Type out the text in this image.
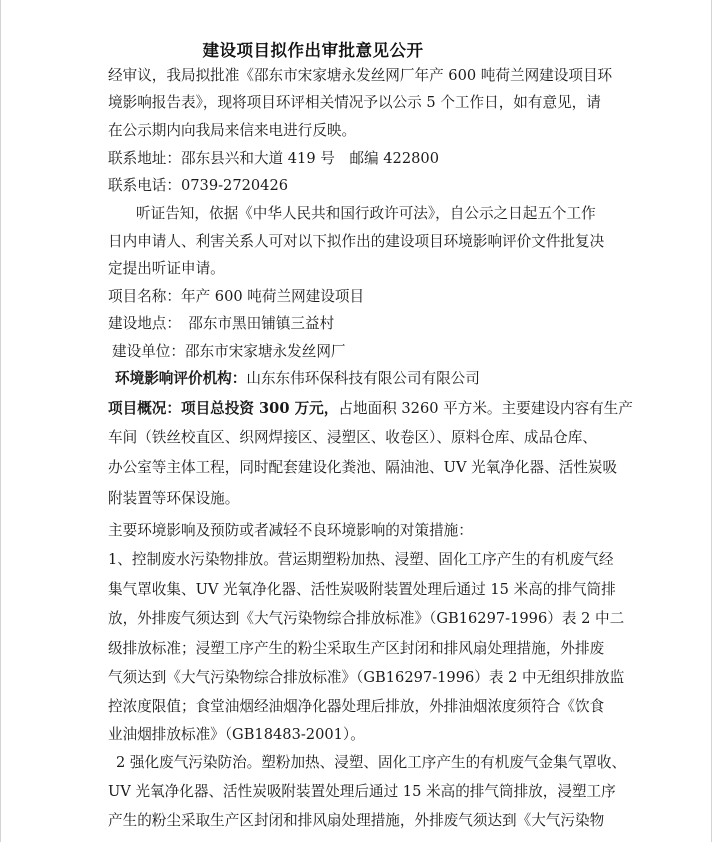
建设项目拟作出审批意见公开
经审议，我局拟批准《邵东市宋家塘永发丝网厂年产 600 吨荷兰网建设项目环
境影响报告表》，现将项目环评相关情况予以公示 5 个工作日，如有意见，请
在公示期内向我局来信来电进行反映。
联系地址：邵东县兴和大道 419 号　邮编 422800
联系电话：0739-2720426
听证告知，依据《中华人民共和国行政许可法》，自公示之日起五个工作
日内申请人、利害关系人可对以下拟作出的建设项目环境影响评价文件批复决
定提出听证申请。
项目名称：年产 600 吨荷兰网建设项目
建设地点：　邵东市黑田铺镇三益村
建设单位：邵东市宋家塘永发丝网厂
环境影响评价机构：山东东伟环保科技有限公司有限公司
项目概况：项目总投资 300 万元，占地面积 3260 平方米。主要建设内容有生产
车间（铁丝校直区、织网焊接区、浸塑区、收卷区）、原料仓库、成品仓库、
办公室等主体工程，同时配套建设化粪池、隔油池、UV 光氧净化器、活性炭吸
附装置等环保设施。
主要环境影响及预防或者减轻不良环境影响的对策措施：
1、控制废水污染物排放。营运期塑粉加热、浸塑、固化工序产生的有机废气经
集气罩收集、UV 光氧净化器、活性炭吸附装置处理后通过 15 米高的排气筒排
放，外排废气须达到《大气污染物综合排放标准》（GB16297-1996）表 2 中二
级排放标准；浸塑工序产生的粉尘采取生产区封闭和排风扇处理措施，外排废
气须达到《大气污染物综合排放标准》（GB16297-1996）表 2 中无组织排放监
控浓度限值；食堂油烟经油烟净化器处理后排放，外排油烟浓度须符合《饮食
业油烟排放标准》（GB18483-2001）。
2 强化废气污染防治。塑粉加热、浸塑、固化工序产生的有机废气金集气罩收、
UV 光氧净化器、活性炭吸附装置处理后通过 15 米高的排气筒排放，浸塑工序
产生的粉尘采取生产区封闭和排风扇处理措施，外排废气须达到《大气污染物
